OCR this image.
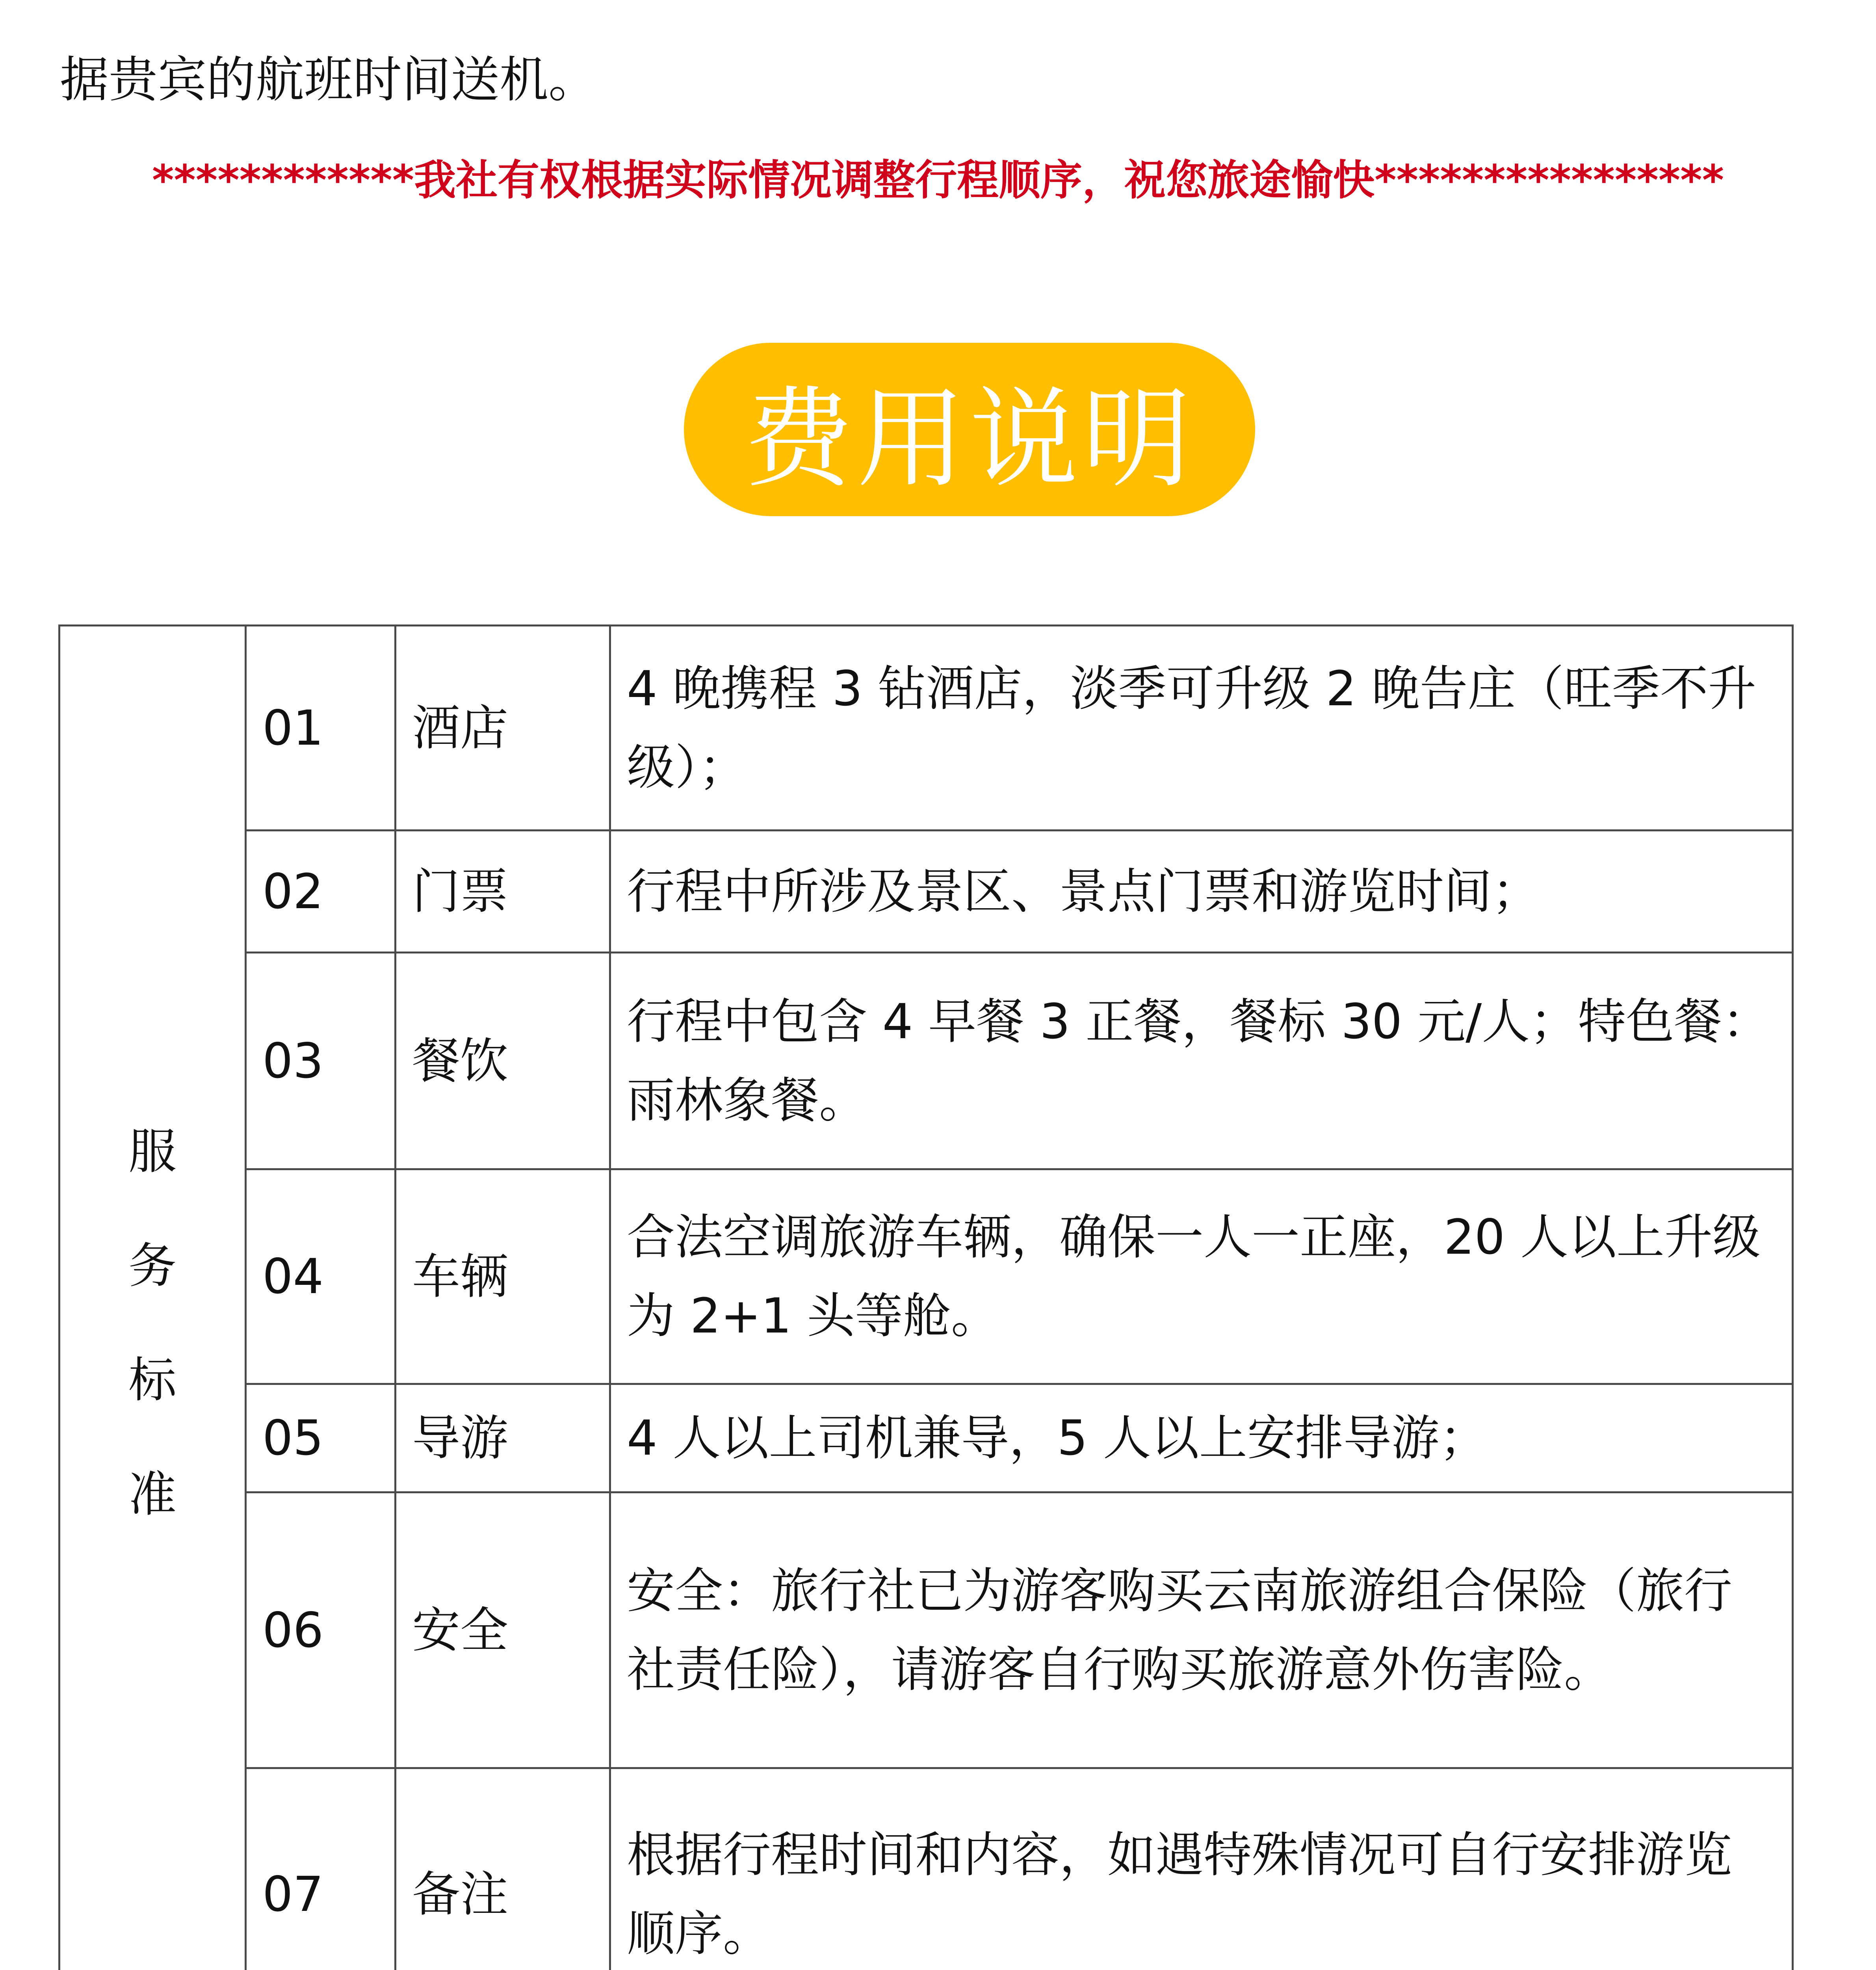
据贵宾的航班时间送机。
************我社有权根据实际情况调整行程顺序，祝您旅途愉快****************
费用说明
服务标准	01	酒店	4 晚携程 3 钻酒店，淡季可升级 2 晚告庄（旺季不升级）；		
	02	门票	行程中所涉及景区、景点门票和游览时间；		
	03	餐饮	行程中包含 4 早餐 3 正餐，餐标 30 元/人；特色餐：雨林象餐。		
	04	车辆	合法空调旅游车辆，确保一人一正座，20 人以上升级为 2+1 头等舱。		
	05	导游	4 人以上司机兼导，5 人以上安排导游；		
	06	安全	安全：旅行社已为游客购买云南旅游组合保险（旅行社责任险），请游客自行购买旅游意外伤害险。		
	07	备注	根据行程时间和内容，如遇特殊情况可自行安排游览顺序。		
